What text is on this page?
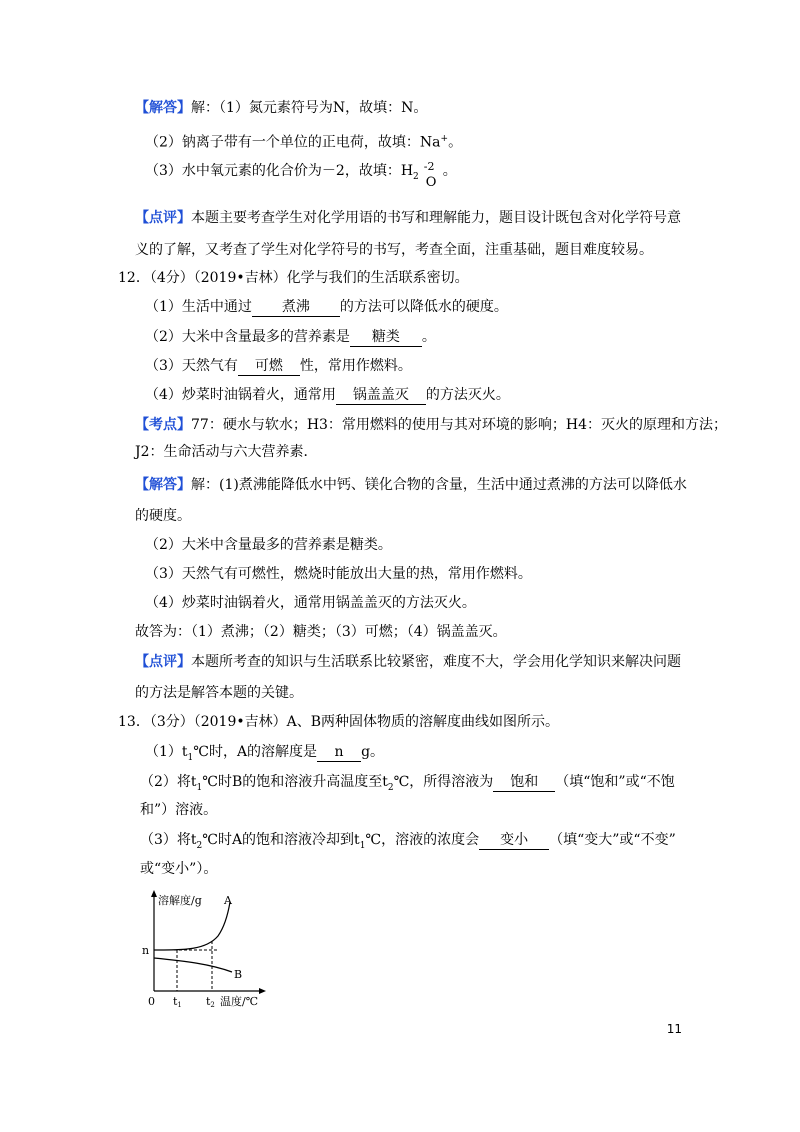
【解答】解：（1）氮元素符号为N，故填：N。
（2）钠离子带有一个单位的正电荷，故填：Na+。
（3）水中氧元素的化合价为－2，故填：$H_2$
-2
O
。
【点评】本题主要考查学生对化学用语的书写和理解能力，题目设计既包含对化学符号意
义的了解，又考查了学生对化学符号的书写，考查全面，注重基础，题目难度较易。
12．（4分）（2019•吉林）化学与我们的生活联系密切。
（1）生活中通过 煮沸 的方法可以降低水的硬度。
（2）大米中含量最多的营养素是 糖类 。
（3）天然气有 可燃 性，常用作燃料。
（4）炒菜时油锅着火，通常用 锅盖盖灭 的方法灭火。
【考点】77：硬水与软水；H3：常用燃料的使用与其对环境的影响；H4：灭火的原理和方法；
J2：生命活动与六大营养素．
【解答】解：(1)煮沸能降低水中钙、镁化合物的含量，生活中通过煮沸的方法可以降低水
的硬度。
（2）大米中含量最多的营养素是糖类。
（3）天然气有可燃性，燃烧时能放出大量的热，常用作燃料。
（4）炒菜时油锅着火，通常用锅盖盖灭的方法灭火。
故答为：（1）煮沸；（2）糖类；（3）可燃；（4）锅盖盖灭。
【点评】本题所考查的知识与生活联系比较紧密，难度不大，学会用化学知识来解决问题
的方法是解答本题的关键。
13．（3分）（2019•吉林）A、B两种固体物质的溶解度曲线如图所示。
$(1)t_1℃$时，A的溶解度是 n g。
（2）将$t_1℃$时B的饱和溶液升高温度至$t_2℃$，所得溶液为 饱和 （填“饱和”或“不饱
和”）溶液。
（3）将$t_2℃$时A的饱和溶液冷却到$t_1℃$，溶液的浓度会 变小 （填“变大”或“不变”
或“变小”）。
溶解度/g A
B
n
0 t1 t2 温度/℃
11
